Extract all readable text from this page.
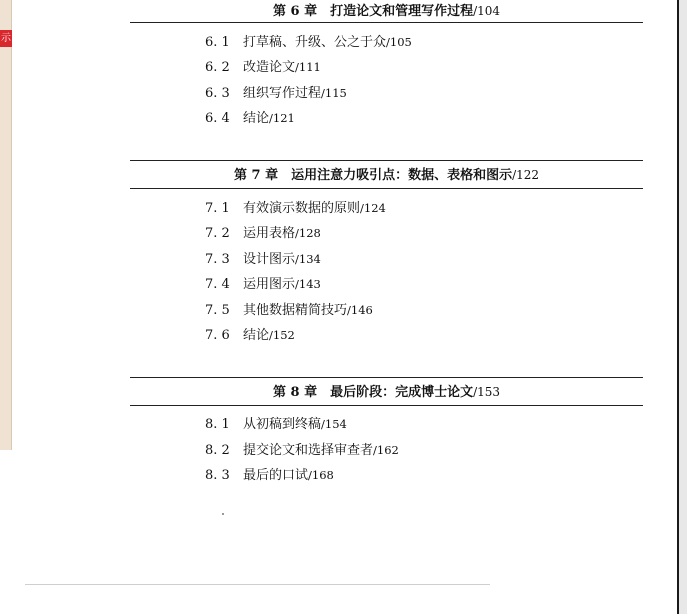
示
第 6 章　打造论文和管理写作过程/104
6. 1 打草稿、升级、公之于众/105
6. 2 改造论文/111
6. 3 组织写作过程/115
6. 4 结论/121
第 7 章　运用注意力吸引点：数据、表格和图示/122
7. 1 有效演示数据的原则/124
7. 2 运用表格/128
7. 3 设计图示/134
7. 4 运用图示/143
7. 5 其他数据精简技巧/146
7. 6 结论/152
第 8 章　最后阶段：完成博士论文/153
8. 1 从初稿到终稿/154
8. 2 提交论文和选择审查者/162
8. 3 最后的口试/168
